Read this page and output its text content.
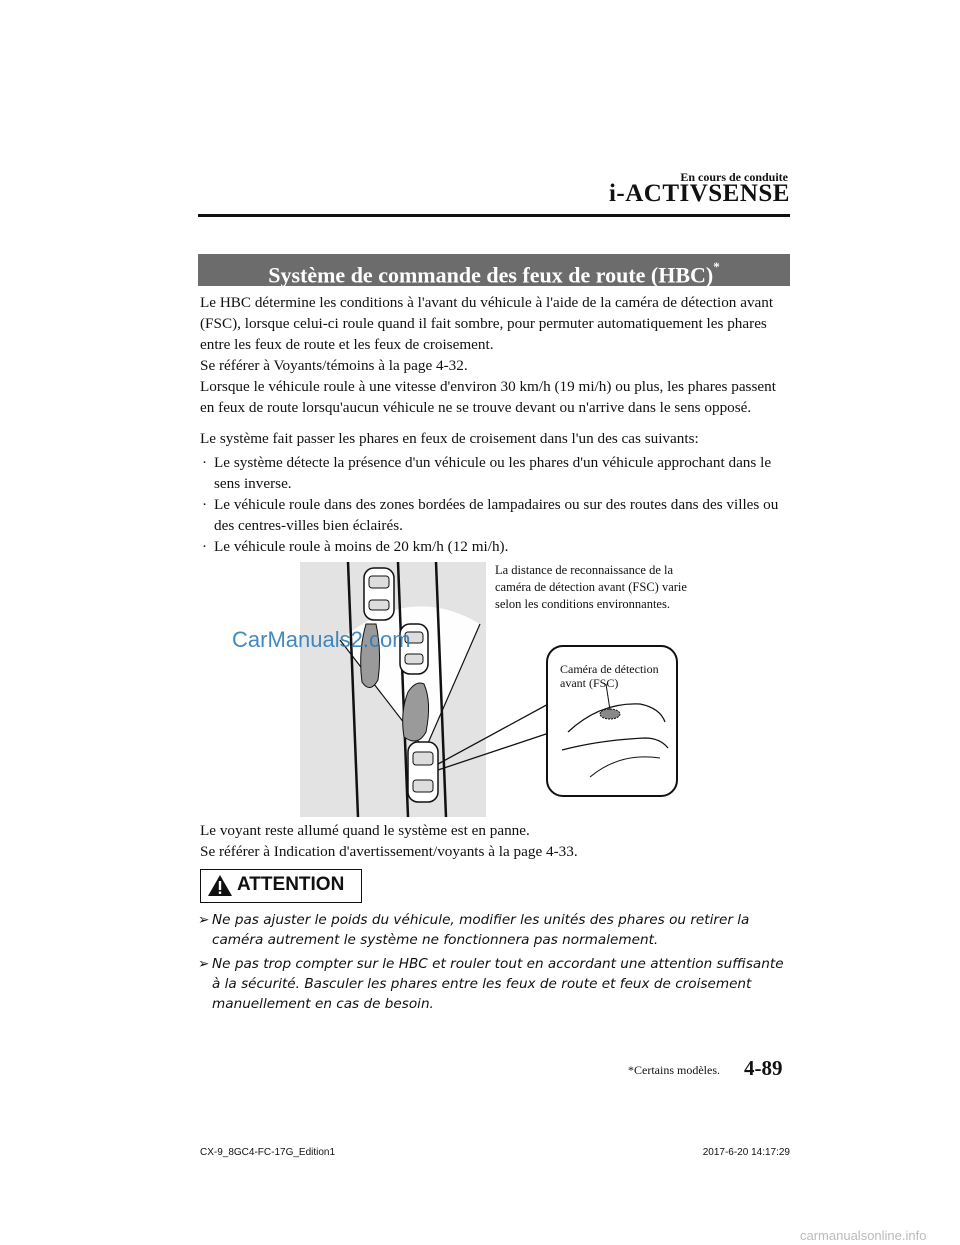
En cours de conduite
i-ACTIVSENSE
Système de commande des feux de route (HBC)*
Le HBC détermine les conditions à l'avant du véhicule à l'aide de la caméra de détection avant (FSC), lorsque celui-ci roule quand il fait sombre, pour permuter automatiquement les phares entre les feux de route et les feux de croisement.
Se référer à Voyants/témoins à la page 4-32.
Lorsque le véhicule roule à une vitesse d'environ 30 km/h (19 mi/h) ou plus, les phares passent en feux de route lorsqu'aucun véhicule ne se trouve devant ou n'arrive dans le sens opposé.
Le système fait passer les phares en feux de croisement dans l'un des cas suivants:
· Le système détecte la présence d'un véhicule ou les phares d'un véhicule approchant dans le sens inverse.
· Le véhicule roule dans des zones bordées de lampadaires ou sur des routes dans des villes ou des centres-villes bien éclairés.
· Le véhicule roule à moins de 20 km/h (12 mi/h).
La distance de reconnaissance de la caméra de détection avant (FSC) varie selon les conditions environnantes.
Caméra de détection avant (FSC)
CarManuals2.com
Le voyant reste allumé quand le système est en panne.
Se référer à Indication d'avertissement/voyants à la page 4-33.
ATTENTION
➢ Ne pas ajuster le poids du véhicule, modifier les unités des phares ou retirer la caméra autrement le système ne fonctionnera pas normalement.
➢ Ne pas trop compter sur le HBC et rouler tout en accordant une attention suffisante à la sécurité. Basculer les phares entre les feux de route et feux de croisement manuellement en cas de besoin.
*Certains modèles. 4-89
CX-9_8GC4-FC-17G_Edition1	2017-6-20 14:17:29
carmanualsonline.info
